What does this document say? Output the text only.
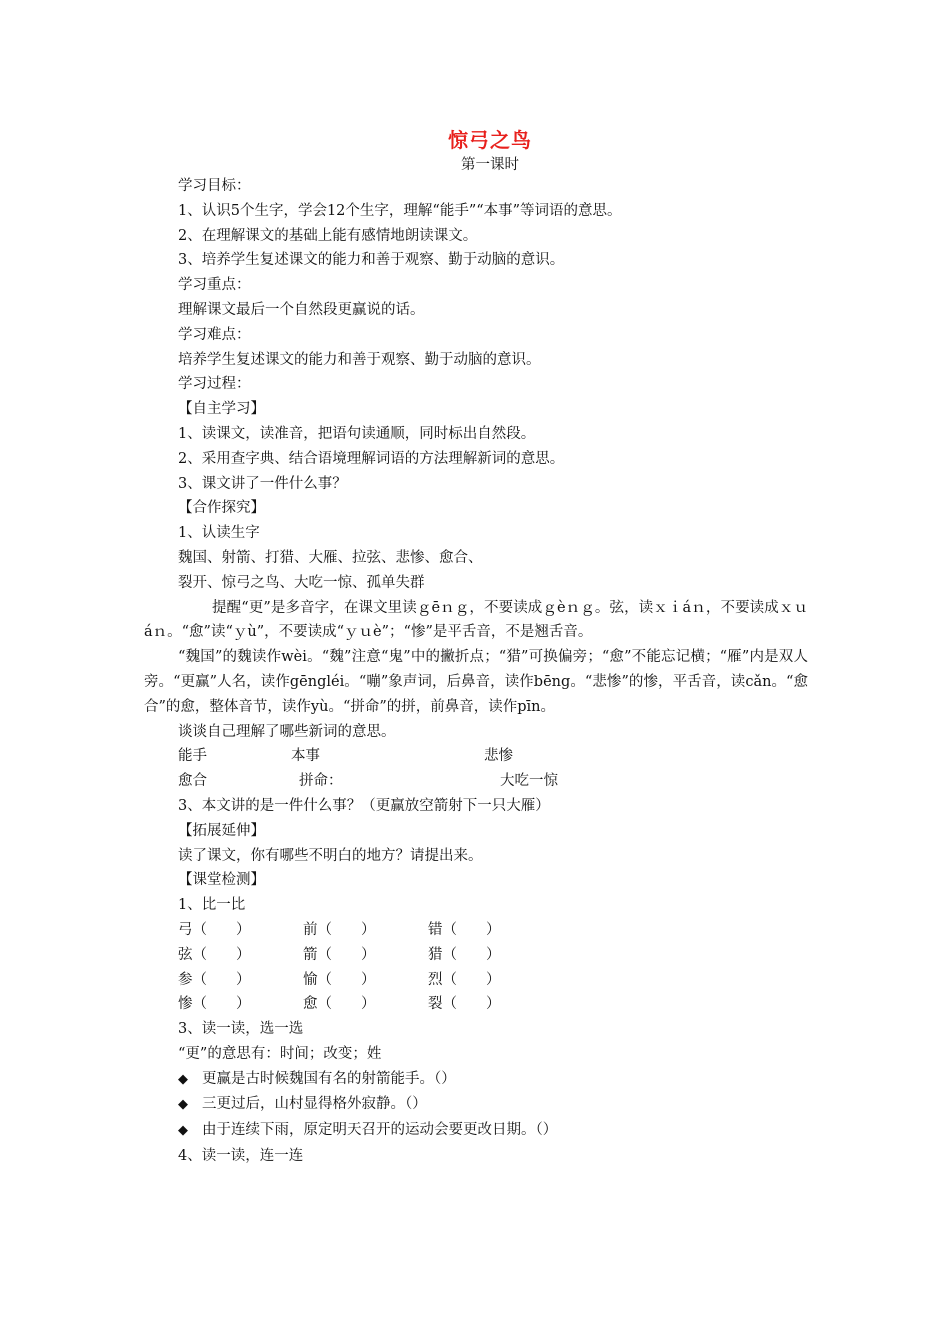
惊弓之鸟
第一课时

学习目标：

1、认识5个生字，学会12个生字，理解“能手”“本事”等词语的意思。

2、在理解课文的基础上能有感情地朗读课文。

3、培养学生复述课文的能力和善于观察、勤于动脑的意识。

学习重点：

理解课文最后一个自然段更赢说的话。

学习难点：

培养学生复述课文的能力和善于观察、勤于动脑的意识。

学习过程：

【自主学习】

1、读课文，读准音，把语句读通顺，同时标出自然段。

2、采用查字典、结合语境理解词语的方法理解新词的意思。

3、课文讲了一件什么事？

【合作探究】

1、认读生字

魏国、射箭、打猎、大雁、拉弦、悲惨、愈合、

裂开、惊弓之鸟、大吃一惊、孤单失群

提醒“更”是多音字，在课文里读ｇēｎｇ，不要读成ｇèｎｇ。弦，读ｘｉáｎ，不要读成ｘｕáｎ。“愈”读“ｙù”，不要读成“ｙｕè”；“惨”是平舌音，不是翘舌音。

“魏国”的魏读作wèi。“魏”注意“鬼”中的撇折点；“猎”可换偏旁；“愈”不能忘记横；“雁”内是双人旁。“更赢”人名，读作gēngléi。“嘣”象声词，后鼻音，读作bēng。“悲惨”的惨，平舌音，读cǎn。“愈合”的愈，整体音节，读作yù。“拼命”的拼，前鼻音，读作pīn。

谈谈自己理解了哪些新词的意思。

能手	本事	悲惨
愈合	拼命：	大吃一惊

3、本文讲的是一件什么事？（更赢放空箭射下一只大雁）

【拓展延伸】

读了课文，你有哪些不明白的地方？请提出来。

【课堂检测】

1、比一比

弓（　　）	前（　　）	错（　　）
弦（　　）	箭（　　）	猎（　　）
参（　　）	愉（　　）	烈（　　）
惨（　　）	愈（　　）	裂（　　）

3、读一读，选一选

“更”的意思有：时间；改变；姓

◆ 更赢是古时候魏国有名的射箭能手。（）
◆ 三更过后，山村显得格外寂静。（）
◆ 由于连续下雨，原定明天召开的运动会要更改日期。（）

4、读一读，连一连
